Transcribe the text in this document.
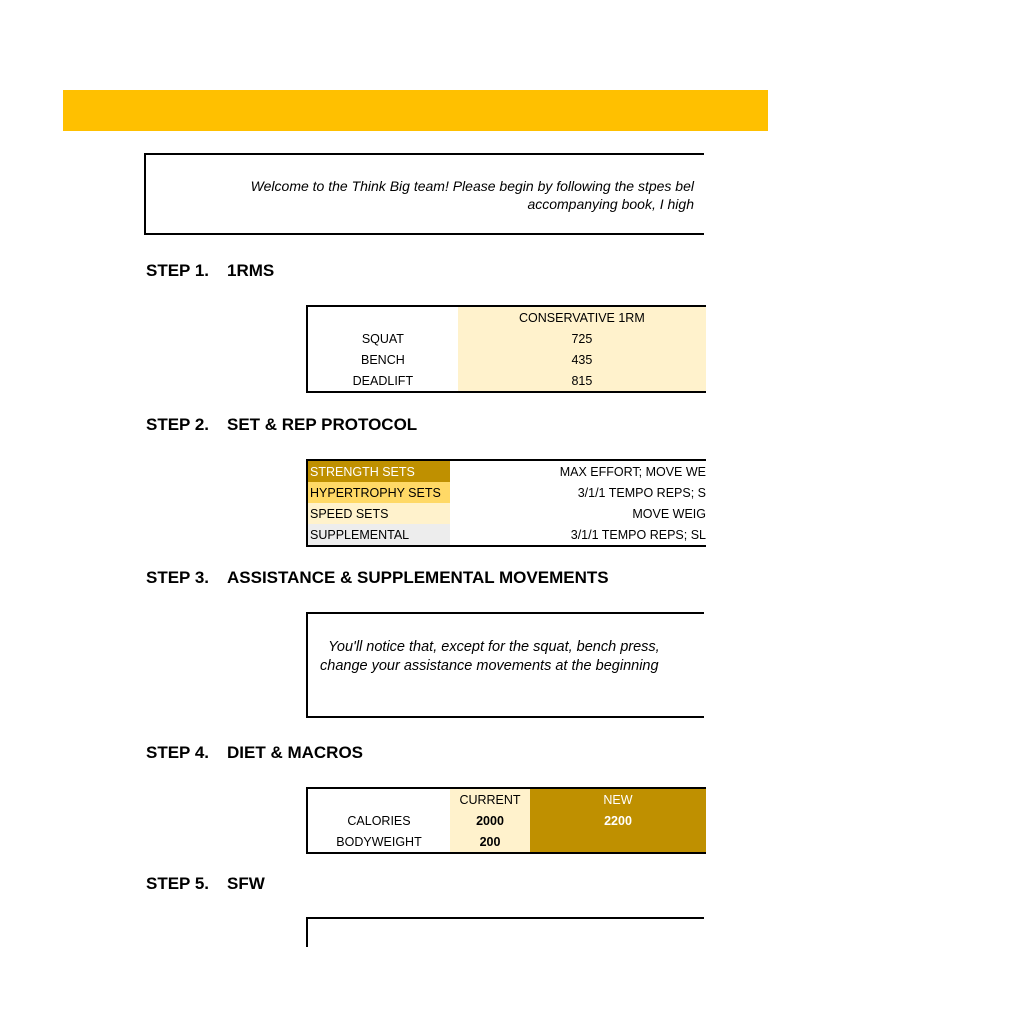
Welcome to the Think Big team! Please begin by following the stpes bel
accompanying book, I high

STEP 1. 1RMS
	CONSERVATIVE 1RM
SQUAT	725
BENCH	435
DEADLIFT	815
STEP 2. SET & REP PROTOCOL
STRENGTH SETS	MAX EFFORT; MOVE WE
HYPERTROPHY SETS	3/1/1 TEMPO REPS; S
SPEED SETS	MOVE WEIG
SUPPLEMENTAL	3/1/1 TEMPO REPS; SL
STEP 3. ASSISTANCE & SUPPLEMENTAL MOVEMENTS

You'll notice that, except for the squat, bench press,
change your assistance movements at the beginning

STEP 4. DIET & MACROS
	CURRENT	NEW
CALORIES	2000	2200
BODYWEIGHT	200	
STEP 5. SFW
